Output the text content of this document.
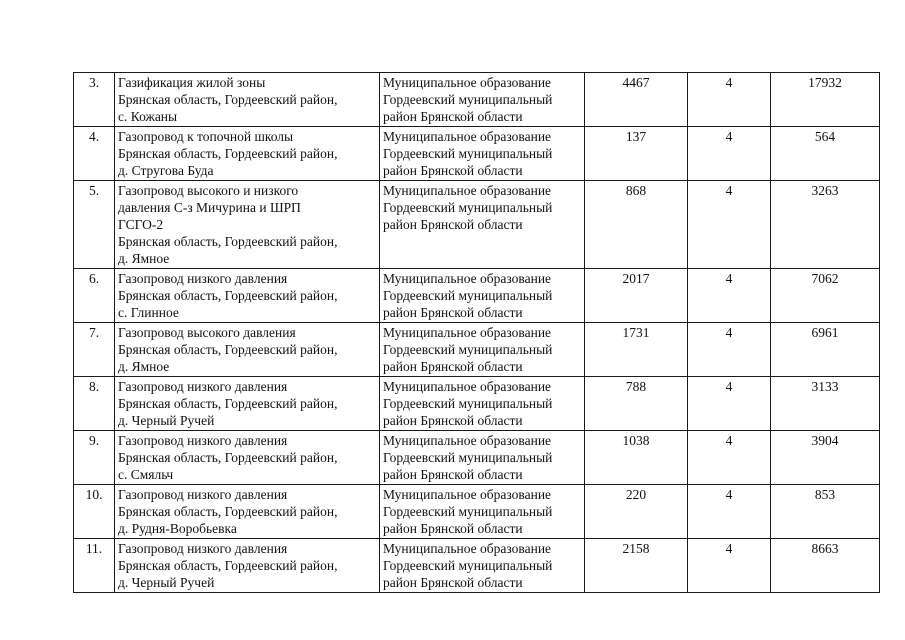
3.	Газификация жилой зоны
Брянская область, Гордеевский район,
с. Кожаны	Муниципальное образование
Гордеевский муниципальный
район Брянской области	4467	4	17932
4.	Газопровод к топочной школы
Брянская область, Гордеевский район,
д. Стругова Буда	Муниципальное образование
Гордеевский муниципальный
район Брянской области	137	4	564
5.	Газопровод высокого и низкого
давления С-з Мичурина и ШРП
ГСГО-2
Брянская область, Гордеевский район,
д. Ямное	Муниципальное образование
Гордеевский муниципальный
район Брянской области	868	4	3263
6.	Газопровод низкого давления
Брянская область, Гордеевский район,
с. Глинное	Муниципальное образование
Гордеевский муниципальный
район Брянской области	2017	4	7062
7.	Газопровод высокого давления
Брянская область, Гордеевский район,
д. Ямное	Муниципальное образование
Гордеевский муниципальный
район Брянской области	1731	4	6961
8.	Газопровод низкого давления
Брянская область, Гордеевский район,
д. Черный Ручей	Муниципальное образование
Гордеевский муниципальный
район Брянской области	788	4	3133
9.	Газопровод низкого давления
Брянская область, Гордеевский район,
с. Смяльч	Муниципальное образование
Гордеевский муниципальный
район Брянской области	1038	4	3904
10.	Газопровод низкого давления
Брянская область, Гордеевский район,
д. Рудня-Воробьевка	Муниципальное образование
Гордеевский муниципальный
район Брянской области	220	4	853
11.	Газопровод низкого давления
Брянская область, Гордеевский район,
д. Черный Ручей	Муниципальное образование
Гордеевский муниципальный
район Брянской области	2158	4	8663
